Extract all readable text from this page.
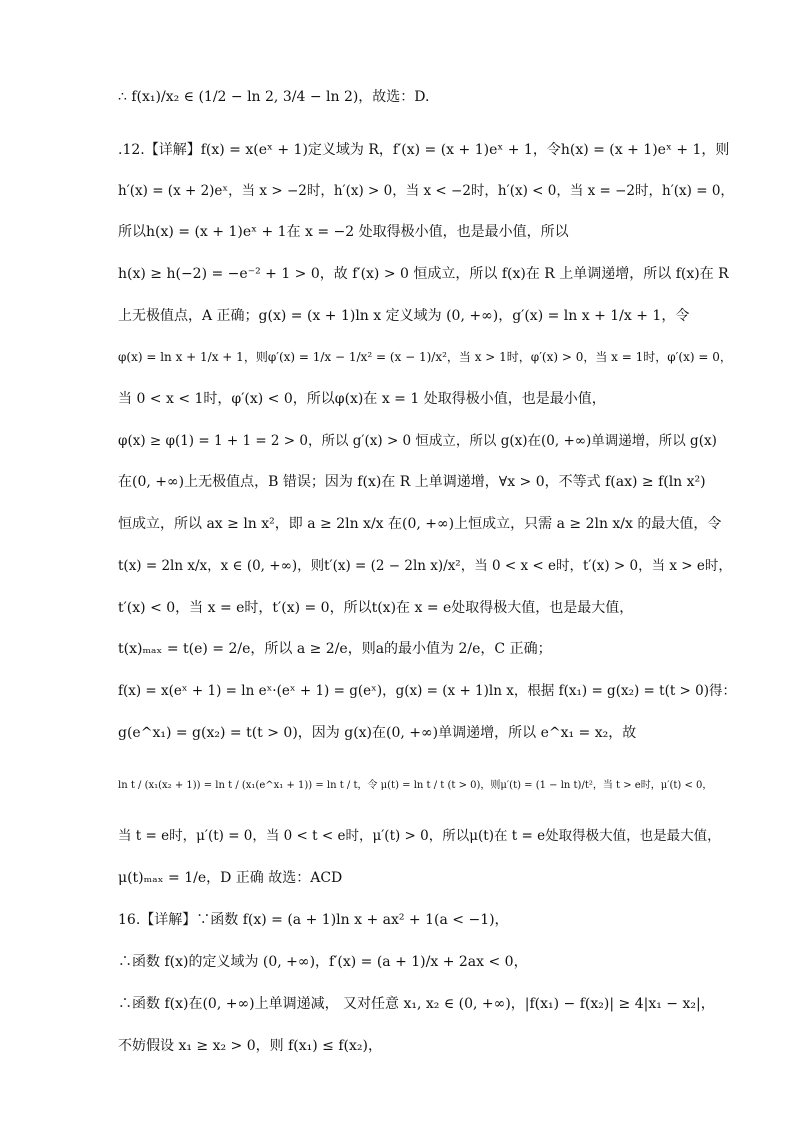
∴ f(x₁)/x₂ ∈ (1/2 − ln 2, 3/4 − ln 2)，故选：D.
.12.【详解】f(x) = x(eˣ + 1)定义域为 R，f′(x) = (x + 1)eˣ + 1，令h(x) = (x + 1)eˣ + 1，则
h′(x) = (x + 2)eˣ，当 x > −2时，h′(x) > 0，当 x < −2时，h′(x) < 0，当 x = −2时，h′(x) = 0，
所以h(x) = (x + 1)eˣ + 1在 x = −2 处取得极小值，也是最小值，所以
h(x) ≥ h(−2) = −e⁻² + 1 > 0，故 f′(x) > 0 恒成立，所以 f(x)在 R 上单调递增，所以 f(x)在 R
上无极值点，A 正确；g(x) = (x + 1)ln x 定义域为 (0, +∞)，g′(x) = ln x + 1/x + 1，令
φ(x) = ln x + 1/x + 1，则φ′(x) = 1/x − 1/x² = (x − 1)/x²，当 x > 1时，φ′(x) > 0，当 x = 1时，φ′(x) = 0，
当 0 < x < 1时，φ′(x) < 0，所以φ(x)在 x = 1 处取得极小值，也是最小值，
φ(x) ≥ φ(1) = 1 + 1 = 2 > 0，所以 g′(x) > 0 恒成立，所以 g(x)在(0, +∞)单调递增，所以 g(x)
在(0, +∞)上无极值点，B 错误；因为 f(x)在 R 上单调递增，∀x > 0，不等式 f(ax) ≥ f(ln x²)
恒成立，所以 ax ≥ ln x²，即 a ≥ 2ln x/x 在(0, +∞)上恒成立，只需 a ≥ 2ln x/x 的最大值，令
t(x) = 2ln x/x，x ∈ (0, +∞)，则t′(x) = (2 − 2ln x)/x²，当 0 < x < e时，t′(x) > 0，当 x > e时，
t′(x) < 0，当 x = e时，t′(x) = 0，所以t(x)在 x = e处取得极大值，也是最大值，
t(x)ₘₐₓ = t(e) = 2/e，所以 a ≥ 2/e，则a的最小值为 2/e，C 正确；
f(x) = x(eˣ + 1) = ln eˣ·(eˣ + 1) = g(eˣ)，g(x) = (x + 1)ln x，根据 f(x₁) = g(x₂) = t(t > 0)得：
g(e^x₁) = g(x₂) = t(t > 0)，因为 g(x)在(0, +∞)单调递增，所以 e^x₁ = x₂，故
ln t / (x₁(x₂ + 1)) = ln t / (x₁(e^x₁ + 1)) = ln t / t，令 μ(t) = ln t / t (t > 0)，则μ′(t) = (1 − ln t)/t²，当 t > e时，μ′(t) < 0，
当 t = e时，μ′(t) = 0，当 0 < t < e时，μ′(t) > 0，所以μ(t)在 t = e处取得极大值，也是最大值，
μ(t)ₘₐₓ = 1/e，D 正确 故选：ACD
16.【详解】∵函数 f(x) = (a + 1)ln x + ax² + 1(a < −1)，
∴函数 f(x)的定义域为 (0, +∞)，f′(x) = (a + 1)/x + 2ax < 0，
∴函数 f(x)在(0, +∞)上单调递减， 又对任意 x₁, x₂ ∈ (0, +∞)，|f(x₁) − f(x₂)| ≥ 4|x₁ − x₂|，
不妨假设 x₁ ≥ x₂ > 0，则 f(x₁) ≤ f(x₂)，
